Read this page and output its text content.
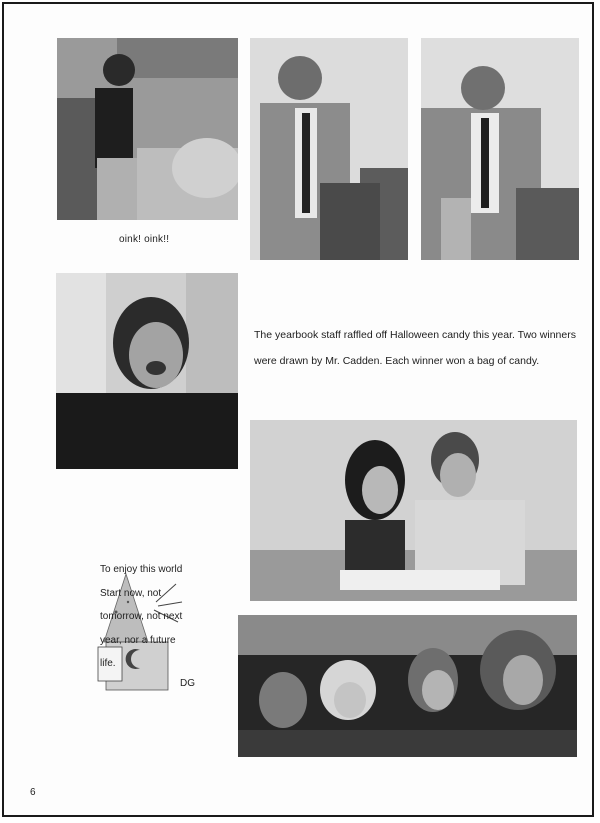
oink! oink!!

The yearbook staff raffled off Halloween candy this year. Two winners

were drawn by Mr. Cadden. Each winner won a bag of candy.

To enjoy this world

Start now, not

tomorrow, not next

year, nor a future

life.

DG
6
